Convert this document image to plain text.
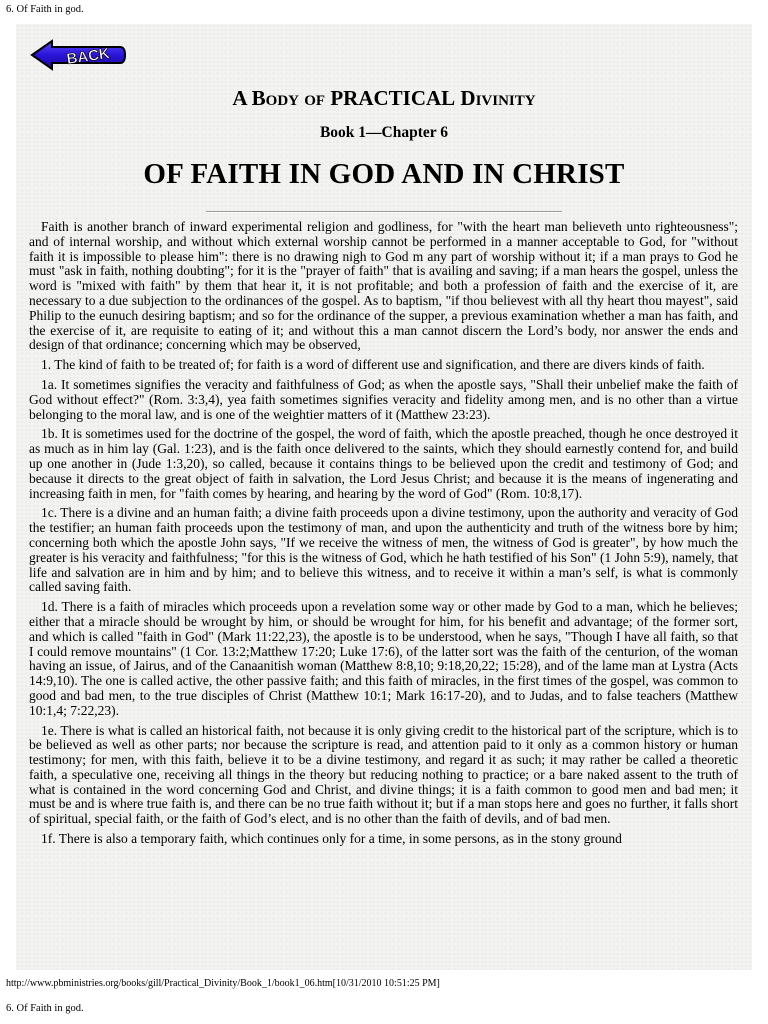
6. Of Faith in god.
BACK
A Body of PRACTICAL Divinity
Book 1—Chapter 6
OF FAITH IN GOD AND IN CHRIST

Faith is another branch of inward experimental religion and godliness, for "with the heart man believeth unto righteousness"; and of internal worship, and without which external worship cannot be performed in a manner acceptable to God, for "without faith it is impossible to please him": there is no drawing nigh to God m any part of worship without it; if a man prays to God he must "ask in faith, nothing doubting"; for it is the "prayer of faith" that is availing and saving; if a man hears the gospel, unless the word is "mixed with faith" by them that hear it, it is not profitable; and both a profession of faith and the exercise of it, are necessary to a due subjection to the ordinances of the gospel. As to baptism, "if thou believest with all thy heart thou mayest", said Philip to the eunuch desiring baptism; and so for the ordinance of the supper, a previous examination whether a man has faith, and the exercise of it, are requisite to eating of it; and without this a man cannot discern the Lord’s body, nor answer the ends and design of that ordinance; concerning which may be observed,

1. The kind of faith to be treated of; for faith is a word of different use and signification, and there are divers kinds of faith.

1a. It sometimes signifies the veracity and faithfulness of God; as when the apostle says, "Shall their unbelief make the faith of God without effect?" (Rom. 3:3,4), yea faith sometimes signifies veracity and fidelity among men, and is no other than a virtue belonging to the moral law, and is one of the weightier matters of it (Matthew 23:23).

1b. It is sometimes used for the doctrine of the gospel, the word of faith, which the apostle preached, though he once destroyed it as much as in him lay (Gal. 1:23), and is the faith once delivered to the saints, which they should earnestly contend for, and build up one another in (Jude 1:3,20), so called, because it contains things to be believed upon the credit and testimony of God; and because it directs to the great object of faith in salvation, the Lord Jesus Christ; and because it is the means of ingenerating and increasing faith in men, for "faith comes by hearing, and hearing by the word of God" (Rom. 10:8,17).

1c. There is a divine and an human faith; a divine faith proceeds upon a divine testimony, upon the authority and veracity of God the testifier; an human faith proceeds upon the testimony of man, and upon the authenticity and truth of the witness bore by him; concerning both which the apostle John says, "If we receive the witness of men, the witness of God is greater", by how much the greater is his veracity and faithfulness; "for this is the witness of God, which he hath testified of his Son" (1 John 5:9), namely, that life and salvation are in him and by him; and to believe this witness, and to receive it within a man’s self, is what is commonly called saving faith.

1d. There is a faith of miracles which proceeds upon a revelation some way or other made by God to a man, which he believes; either that a miracle should be wrought by him, or should be wrought for him, for his benefit and advantage; of the former sort, and which is called "faith in God" (Mark 11:22,23), the apostle is to be understood, when he says, "Though I have all faith, so that I could remove mountains" (1 Cor. 13:2;Matthew 17:20; Luke 17:6), of the latter sort was the faith of the centurion, of the woman having an issue, of Jairus, and of the Canaanitish woman (Matthew 8:8,10; 9:18,20,22; 15:28), and of the lame man at Lystra (Acts 14:9,10). The one is called active, the other passive faith; and this faith of miracles, in the first times of the gospel, was common to good and bad men, to the true disciples of Christ (Matthew 10:1; Mark 16:17-20), and to Judas, and to false teachers (Matthew 10:1,4; 7:22,23).

1e. There is what is called an historical faith, not because it is only giving credit to the historical part of the scripture, which is to be believed as well as other parts; nor because the scripture is read, and attention paid to it only as a common history or human testimony; for men, with this faith, believe it to be a divine testimony, and regard it as such; it may rather be called a theoretic faith, a speculative one, receiving all things in the theory but reducing nothing to practice; or a bare naked assent to the truth of what is contained in the word concerning God and Christ, and divine things; it is a faith common to good men and bad men; it must be and is where true faith is, and there can be no true faith without it; but if a man stops here and goes no further, it falls short of spiritual, special faith, or the faith of God’s elect, and is no other than the faith of devils, and of bad men.

1f. There is also a temporary faith, which continues only for a time, in some persons, as in the stony ground

http://www.pbministries.org/books/gill/Practical_Divinity/Book_1/book1_06.htm[10/31/2010 10:51:25 PM]
6. Of Faith in god.
